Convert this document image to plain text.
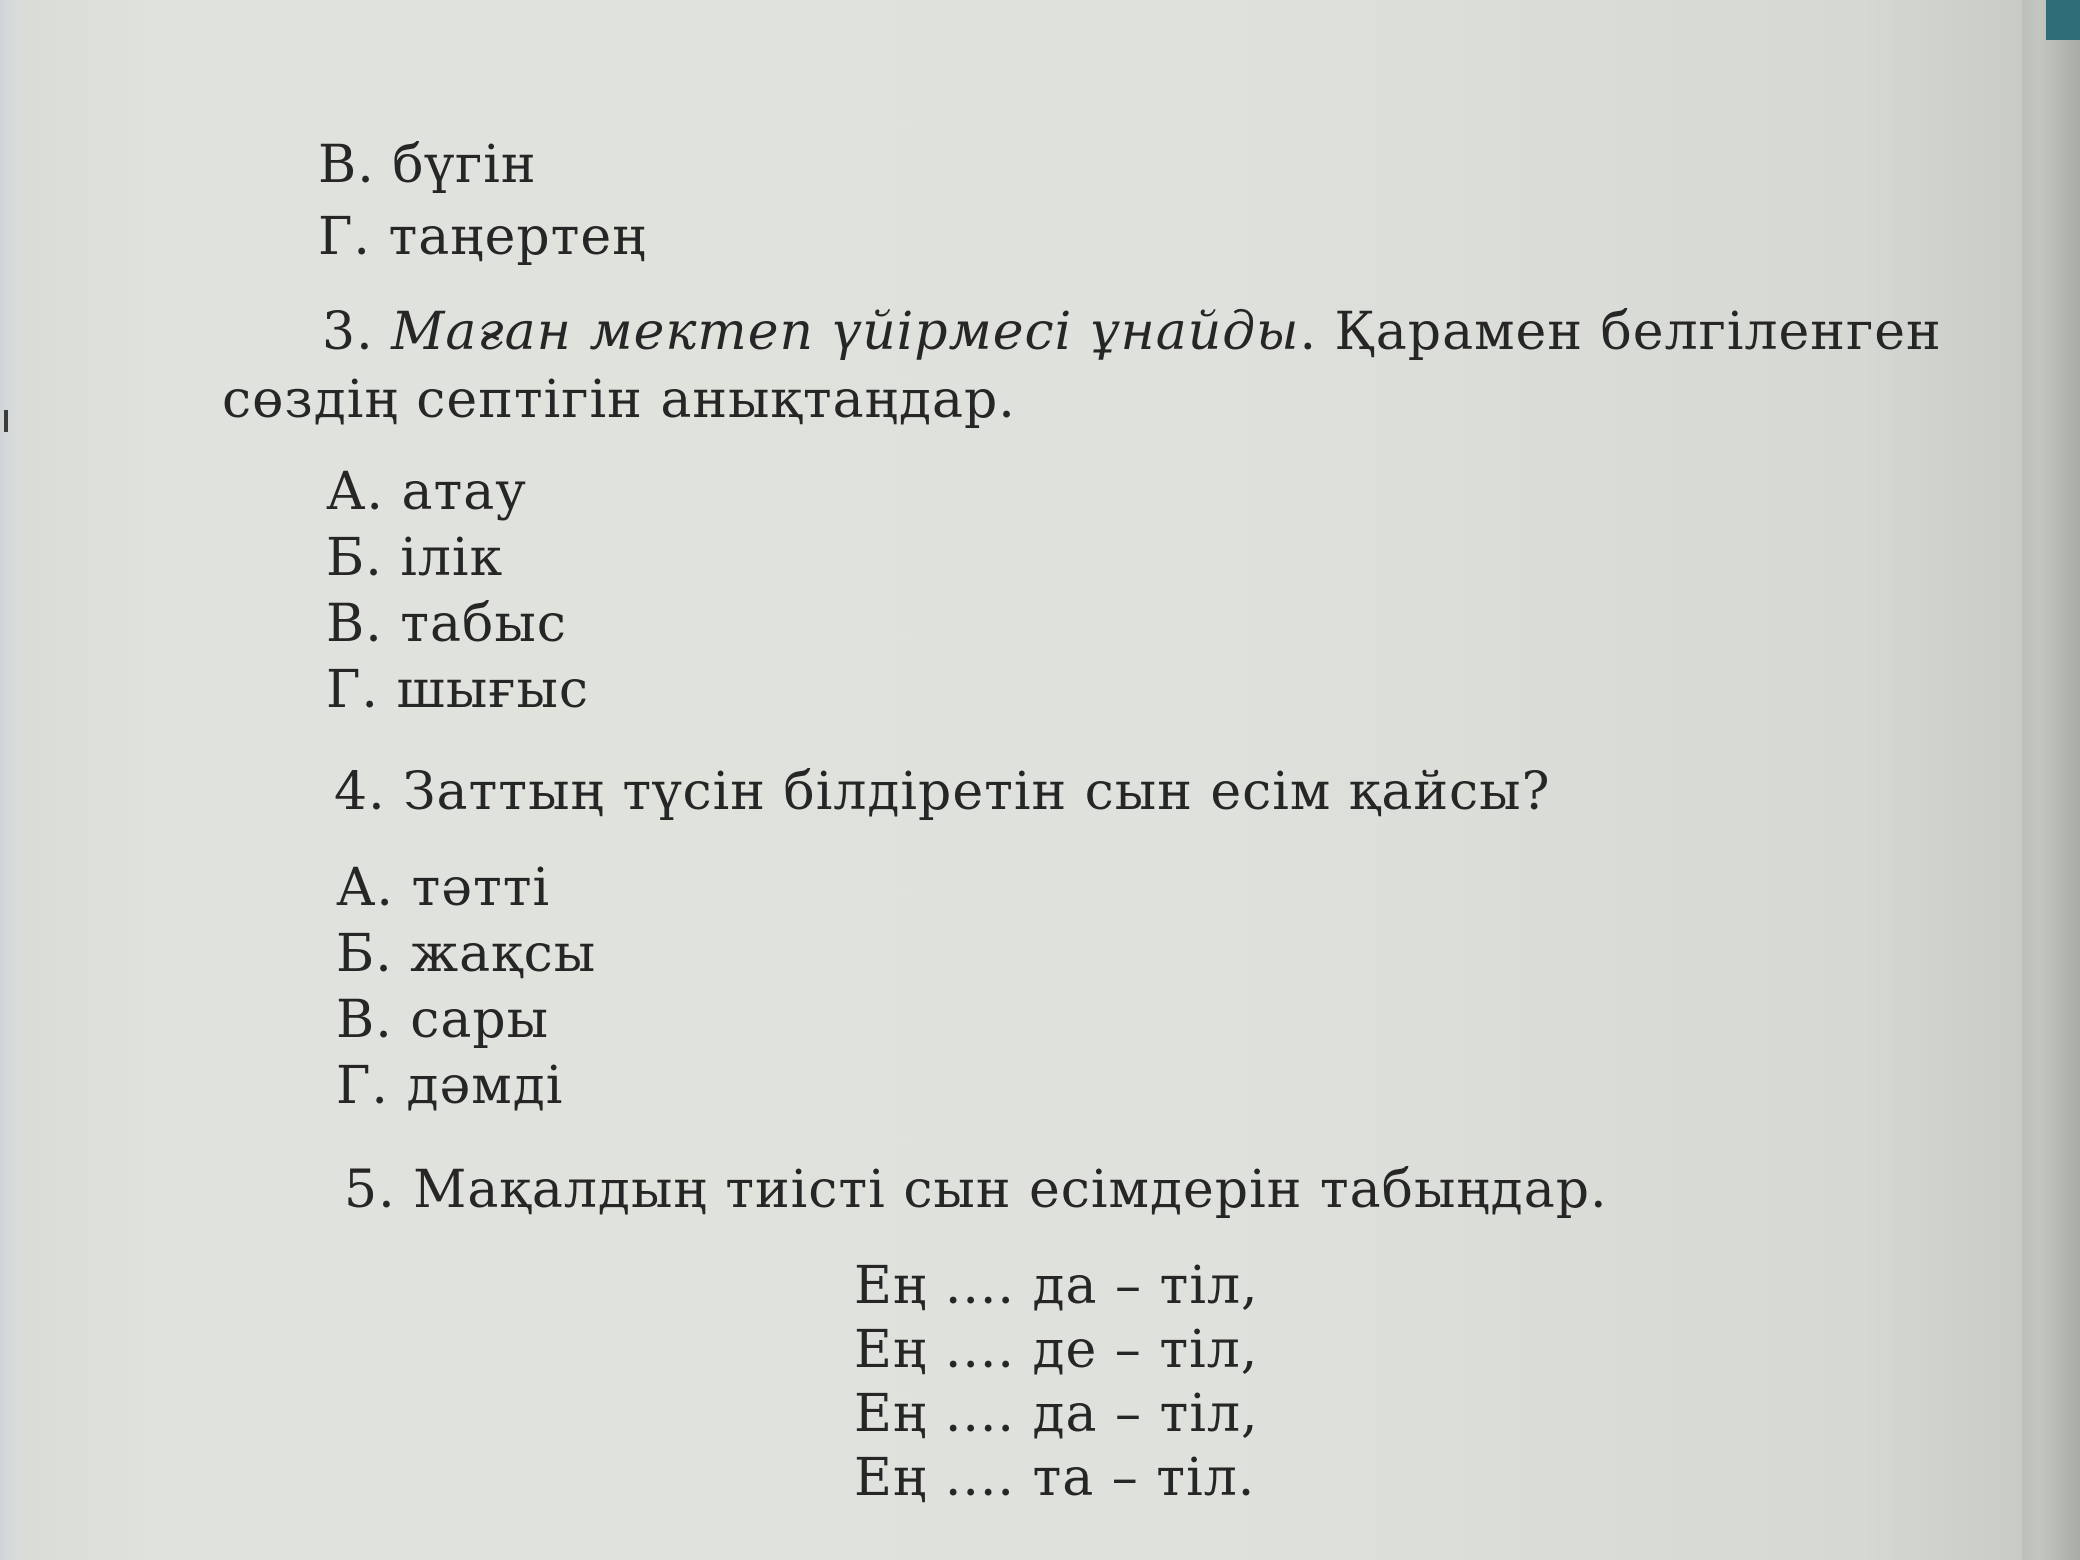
В. бүгін
Г. таңертең
3. Маған мектеп үйірмесі ұнайды. Қарамен белгіленген
сөздің септігін анықтаңдар.
А. атау
Б. ілік
В. табыс
Г. шығыс
4. Заттың түсін білдіретін сын есім қайсы?
А. тәтті
Б. жақсы
В. сары
Г. дәмді
5. Мақалдың тиісті сын есімдерін табыңдар.
Ең .... да – тіл,
Ең .... де – тіл,
Ең .... да – тіл,
Ең .... та – тіл.
